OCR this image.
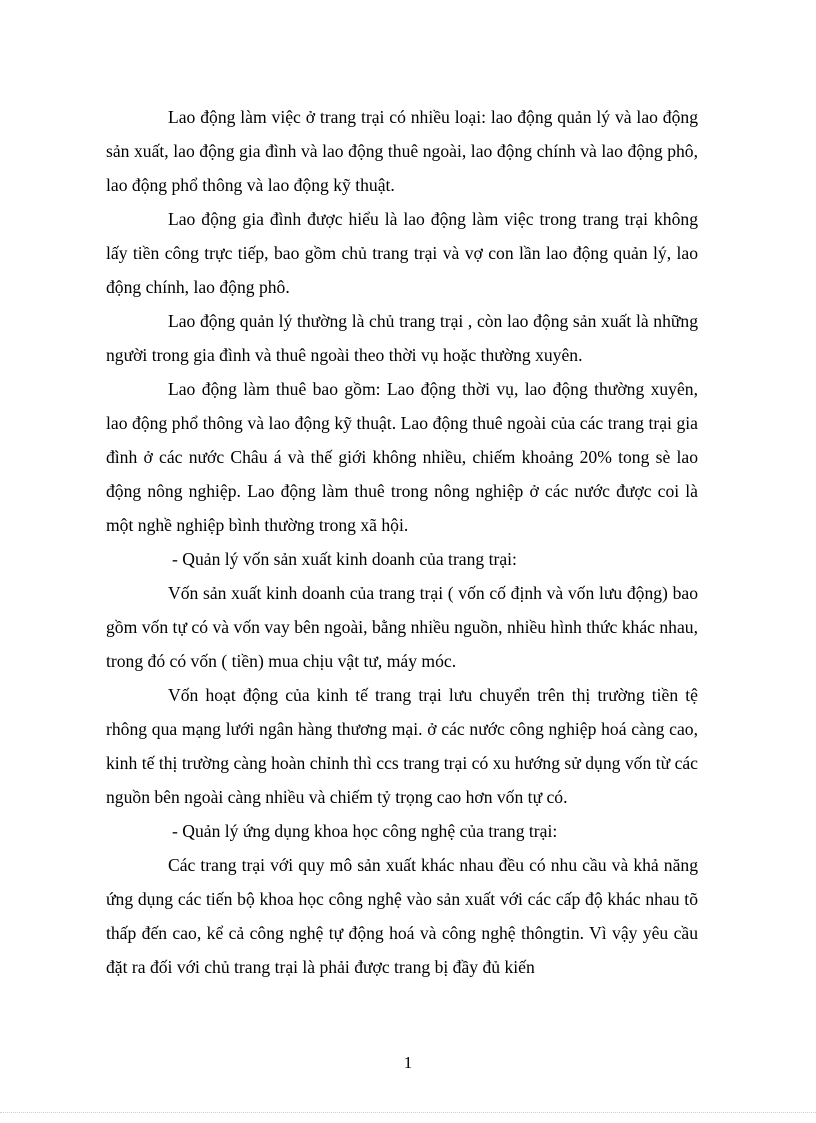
Lao động làm việc ở trang trại có nhiều loại: lao động quản lý và lao động sản xuất, lao động gia đình và lao động thuê ngoài, lao động chính và lao động phô, lao động phổ thông và lao động kỹ thuật.

Lao động gia đình được hiểu là lao động làm việc trong trang trại không lấy tiền công trực tiếp, bao gồm chủ trang trại và vợ con lần lao động quản lý, lao động chính, lao động phô.

Lao động quản lý thường là chủ trang trại , còn lao động sản xuất là những người trong gia đình và thuê ngoài theo thời vụ hoặc thường xuyên.

Lao động làm thuê bao gồm: Lao động thời vụ, lao động thường xuyên, lao động phổ thông và lao động kỹ thuật. Lao động thuê ngoài của các trang trại gia đình ở các nước Châu á và thế giới không nhiều, chiếm khoảng 20% tong sè lao động nông nghiệp. Lao động làm thuê trong nông nghiệp ở các nước được coi là một nghề nghiệp bình thường trong xã hội.

- Quản lý vốn sản xuất kinh doanh của trang trại:

Vốn sản xuất kinh doanh của trang trại ( vốn cố định và vốn lưu động) bao gồm vốn tự có và vốn vay bên ngoài, bằng nhiều nguồn, nhiều hình thức khác nhau, trong đó có vốn ( tiền) mua chịu vật tư, máy móc.

Vốn hoạt động của kinh tế trang trại lưu chuyển trên thị trường tiền tệ rhông qua mạng lưới ngân hàng thương mại. ở các nước công nghiệp hoá càng cao, kinh tế thị trường càng hoàn chỉnh thì ccs trang trại có xu hướng sử dụng vốn từ các nguồn bên ngoài càng nhiều và chiếm tỷ trọng cao hơn vốn tự có.

- Quản lý ứng dụng khoa học công nghệ của trang trại:

Các trang trại với quy mô sản xuất khác nhau đều có nhu cầu và khả năng ứng dụng các tiến bộ khoa học công nghệ vào sản xuất với các cấp độ khác nhau tõ thấp đến cao, kể cả công nghệ tự động hoá và công nghệ thôngtin. Vì vậy yêu cầu đặt ra đối với chủ trang trại là phải được trang bị đầy đủ kiến

1
